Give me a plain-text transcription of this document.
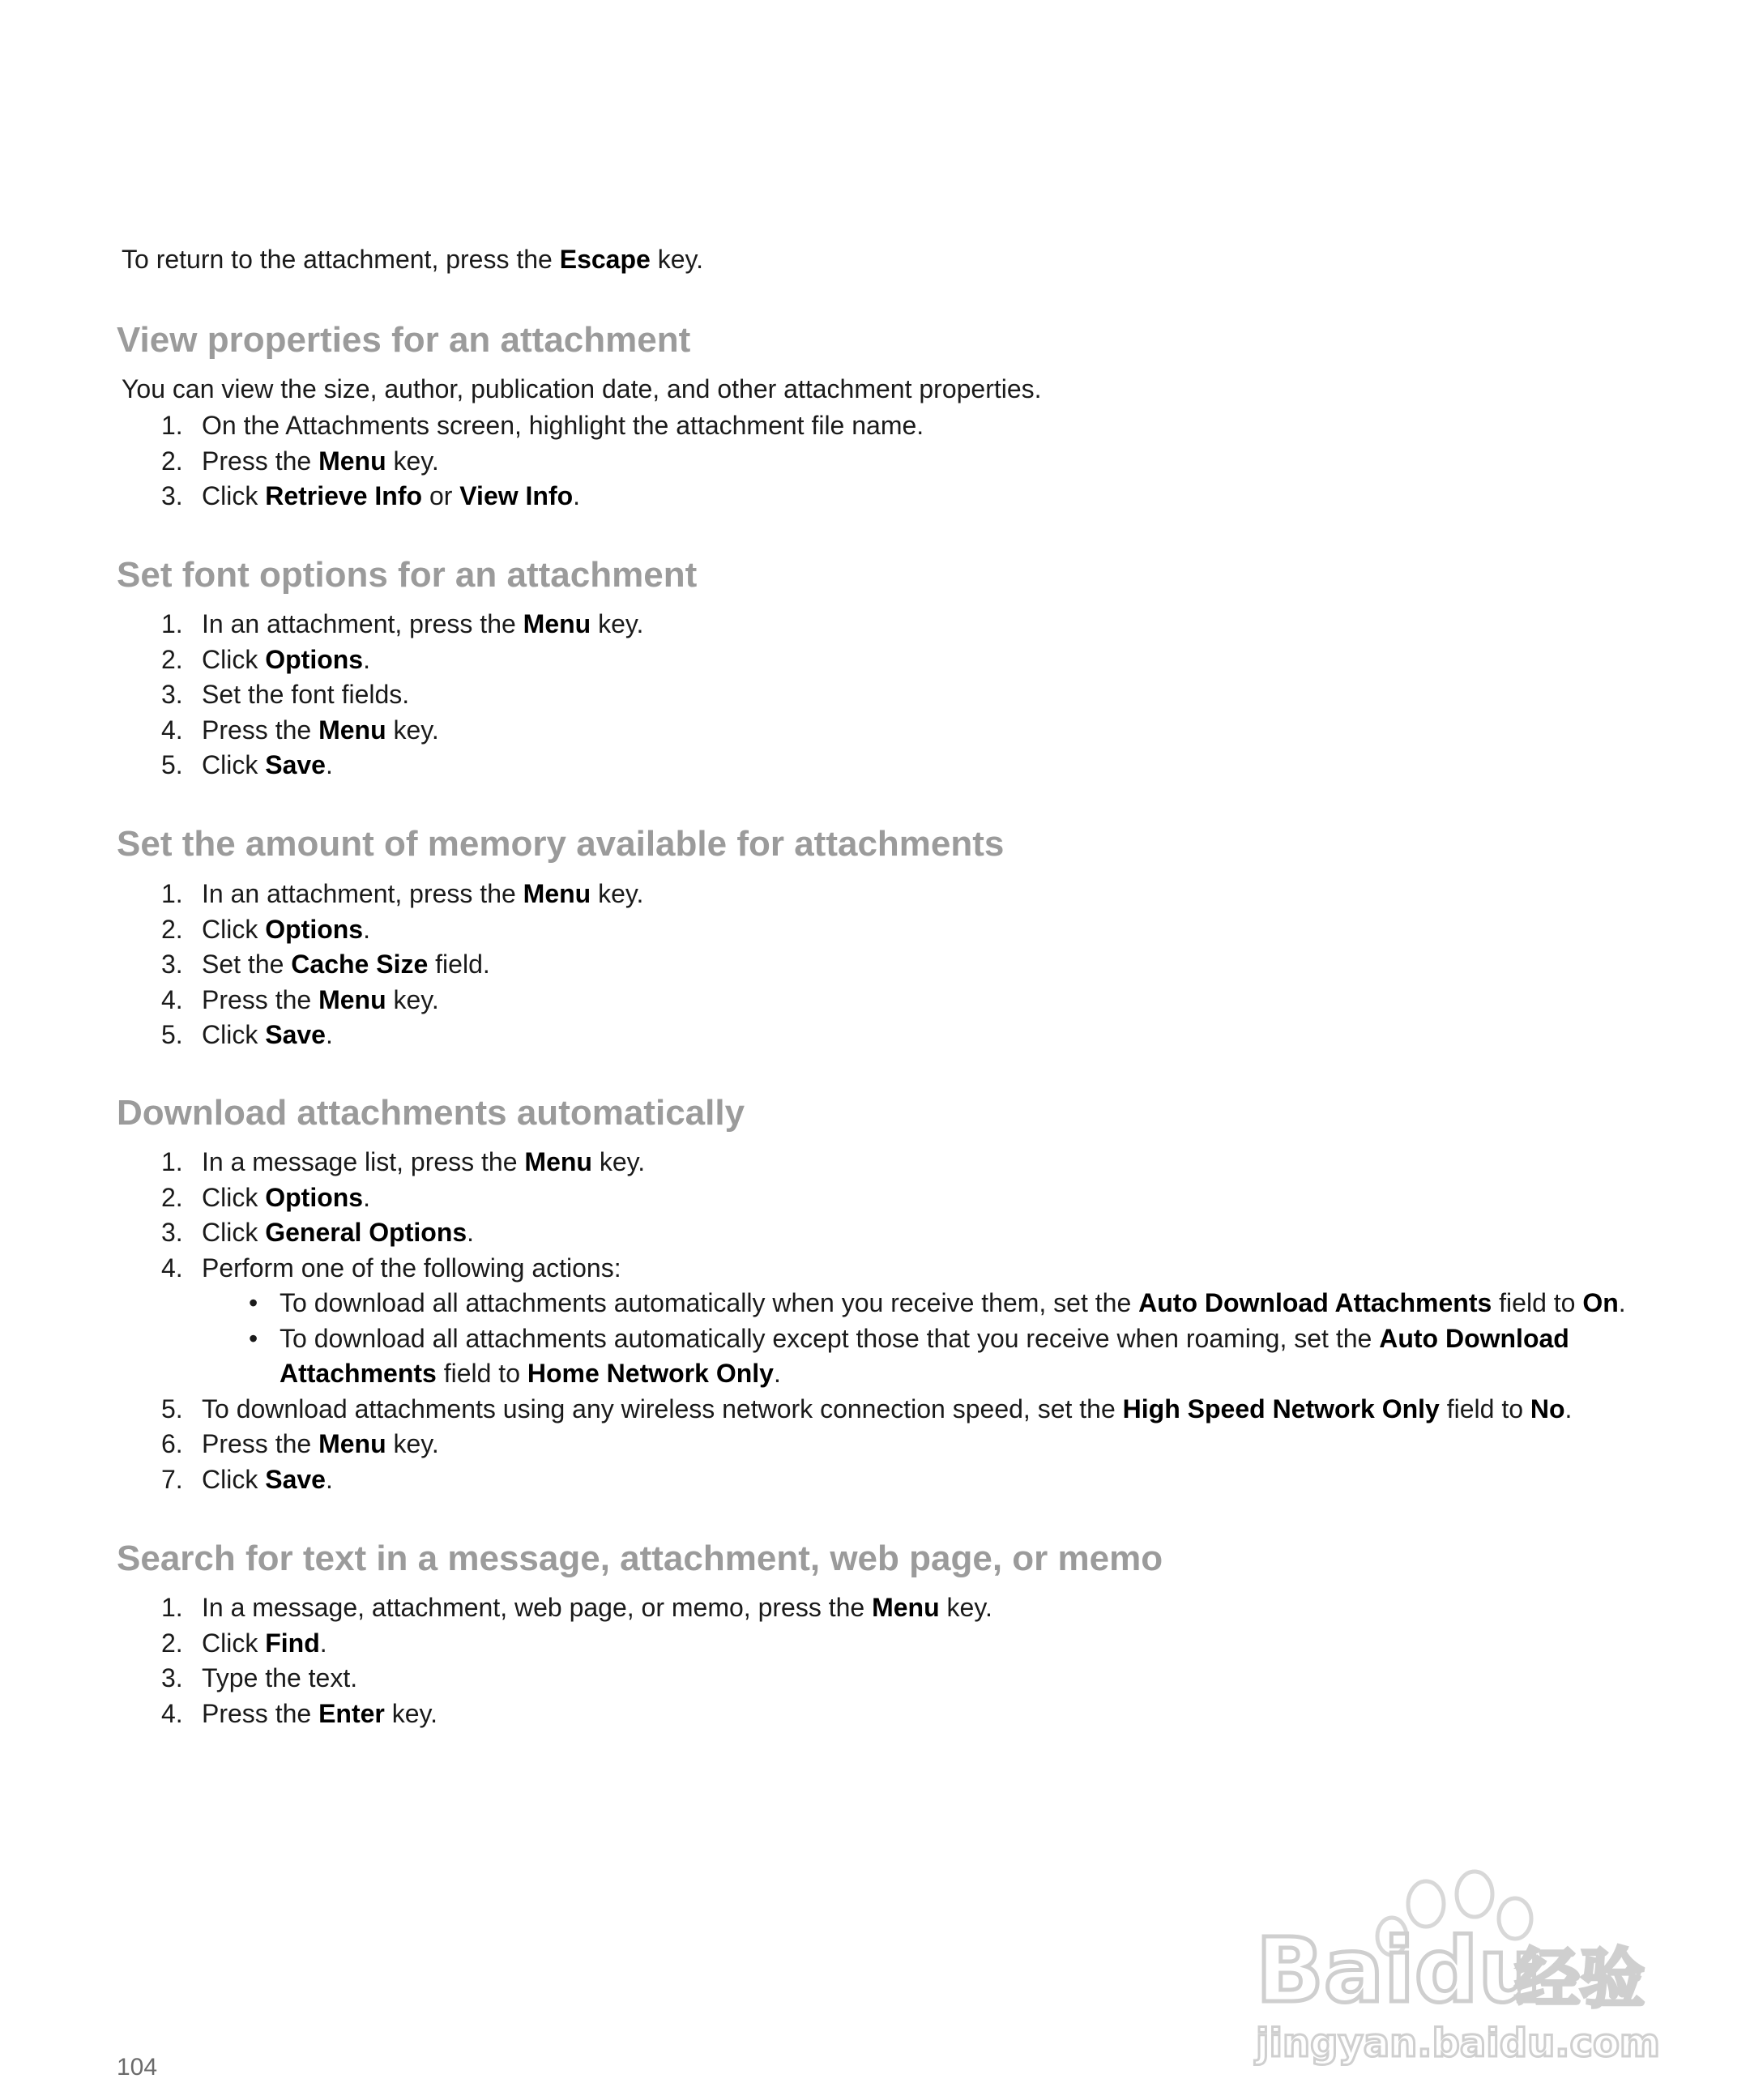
To return to the attachment, press the Escape key.

View properties for an attachment

You can view the size, author, publication date, and other attachment properties.

1. On the Attachments screen, highlight the attachment file name.
2. Press the Menu key.
3. Click Retrieve Info or View Info.
Set font options for an attachment
1. In an attachment, press the Menu key.
2. Click Options.
3. Set the font fields.
4. Press the Menu key.
5. Click Save.
Set the amount of memory available for attachments
1. In an attachment, press the Menu key.
2. Click Options.
3. Set the Cache Size field.
4. Press the Menu key.
5. Click Save.
Download attachments automatically
1. In a message list, press the Menu key.
2. Click Options.
3. Click General Options.
4. Perform one of the following actions:
• To download all attachments automatically when you receive them, set the Auto Download Attachments field to On.
• To download all attachments automatically except those that you receive when roaming, set the Auto Download
Attachments field to Home Network Only.
5. To download attachments using any wireless network connection speed, set the High Speed Network Only field to No.
6. Press the Menu key.
7. Click Save.
Search for text in a message, attachment, web page, or memo
1. In a message, attachment, web page, or memo, press the Menu key.
2. Click Find.
3. Type the text.
4. Press the Enter key.
Baidu
经验
jingyan.baidu.com
104
